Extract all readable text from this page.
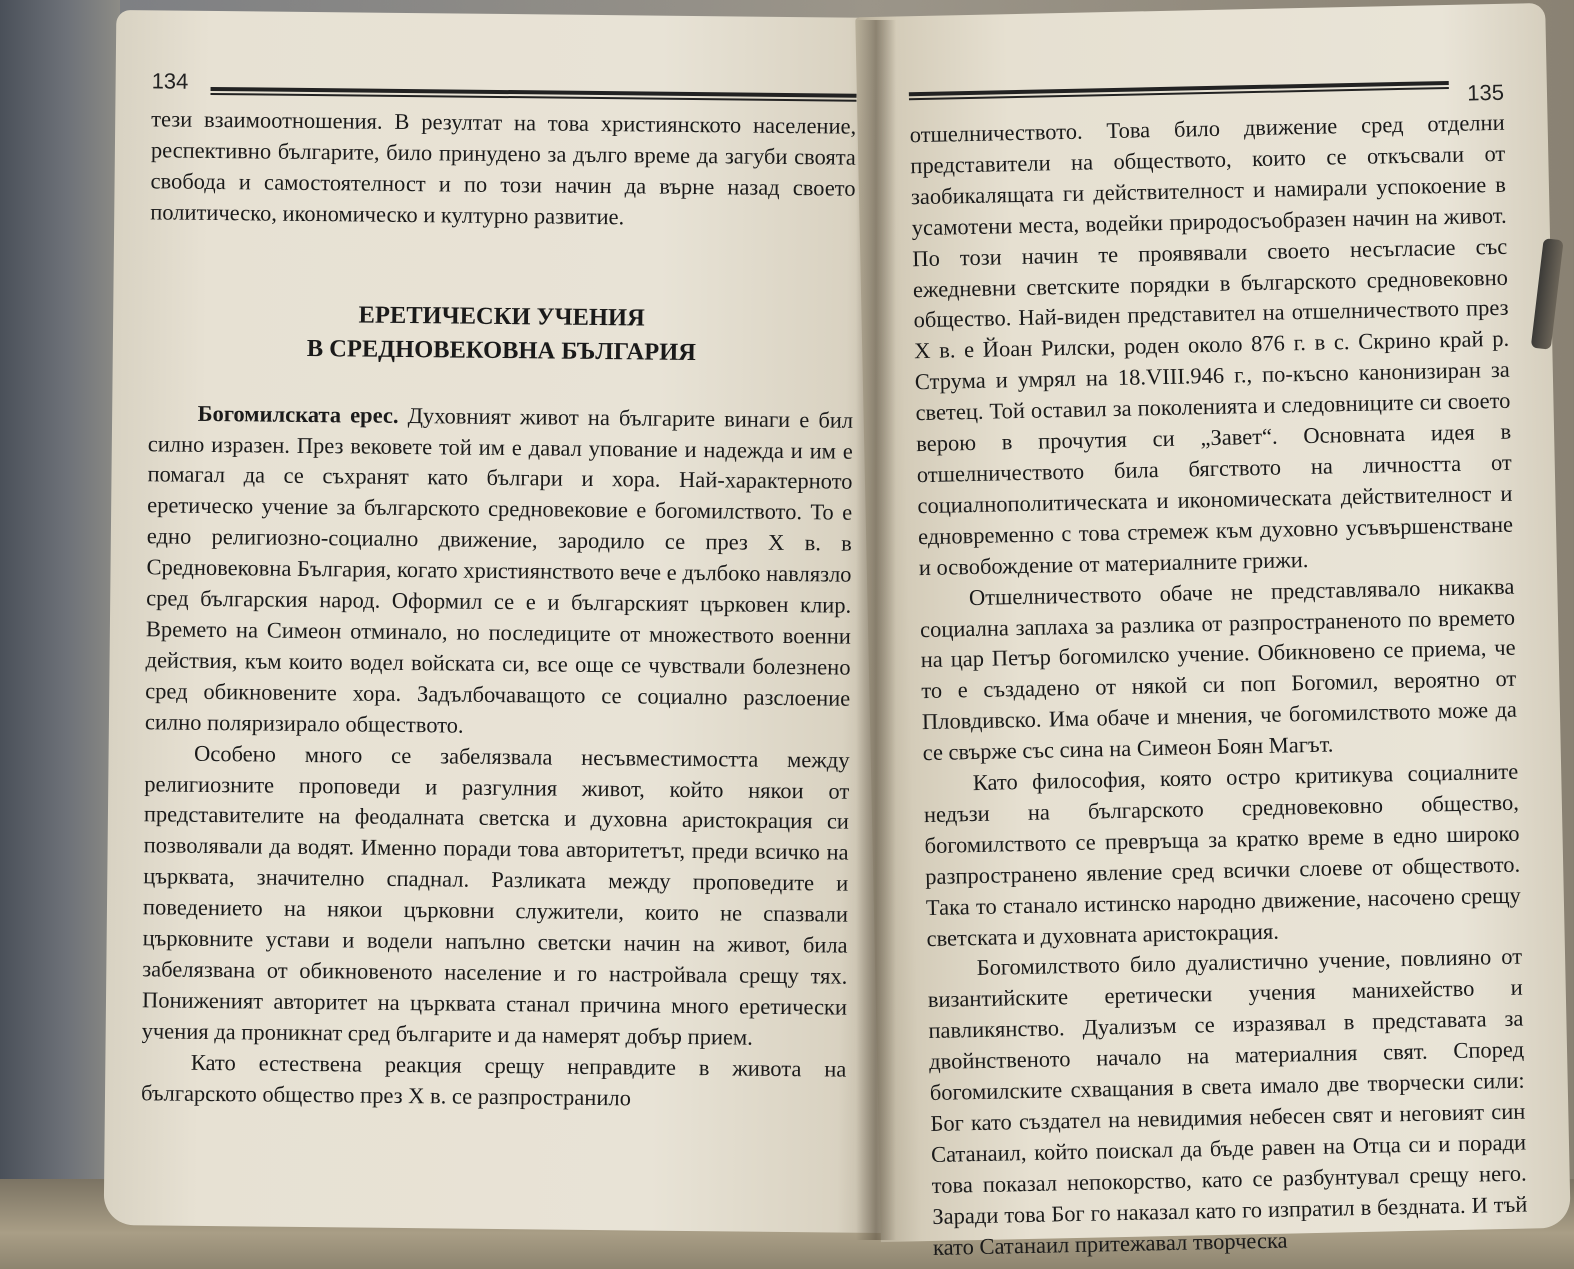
134

тези взаимоотношения. В резултат на това християнското население, респективно българите, било принудено за дълго време да загуби своята свобода и самостоятелност и по този начин да върне назад своето политическо, икономическо и културно развитие.

ЕРЕТИЧЕСКИ УЧЕНИЯ
В СРЕДНОВЕКОВНА БЪЛГАРИЯ

Богомилската ерес. Духовният живот на българите винаги е бил силно изразен. През вековете той им е давал упование и надежда и им е помагал да се съхранят като българи и хора. Най-характерното еретическо учение за българското средновековие е богомилството. То е едно религиозно-социално движение, зародило се през X в. в Средновековна България, когато християнството вече е дълбоко навлязло сред българския народ. Оформил се е и българският църковен клир. Времето на Симеон отминало, но последиците от множеството военни действия, към които водел войската си, все още се чувствали болезнено сред обикновените хора. Задълбочаващото се социално разслоение силно поляризирало обществото.

Особено много се забелязвала несъвместимостта между религиозните проповеди и разгулния живот, който някои от представителите на феодалната светска и духовна аристокрация си позволявали да водят. Именно поради това авторитетът, преди всичко на църквата, значително спаднал. Разликата между проповедите и поведението на някои църковни служители, които не спазвали църковните устави и водели напълно светски начин на живот, била забелязвана от обикновеното население и го настройвала срещу тях. Пониженият авторитет на църквата станал причина много еретически учения да проникнат сред българите и да намерят добър прием.

Като естествена реакция срещу неправдите в живота на българското общество през X в. се разпространило

135

отшелничеството. Това било движение сред отделни представители на обществото, които се откъсвали от заобикалящата ги действителност и намирали успокоение в усамотени места, водейки природосъобразен начин на живот. По този начин те проявявали своето несъгласие със ежедневни светските порядки в българското средновековно общество. Най-виден представител на отшелничеството през X в. е Йоан Рилски, роден около 876 г. в с. Скрино край р. Струма и умрял на 18.VIII.946 г., по-късно канонизиран за светец. Той оставил за поколенията и следовниците си своето верою в прочутия си „Завет“. Основната идея в отшелничеството била бягството на личността от социалнополитическата и икономическата действителност и едновременно с това стремеж към духовно усъвършенстване и освобождение от материалните грижи.

Отшелничеството обаче не представлявало никаква социална заплаха за разлика от разпространеното по времето на цар Петър богомилско учение. Обикновено се приема, че то е създадено от някой си поп Богомил, вероятно от Пловдивско. Има обаче и мнения, че богомилството може да се свърже със сина на Симеон Боян Магът.

Като философия, която остро критикува социалните недъзи на българското средновековно общество, богомилството се превръща за кратко време в едно широко разпространено явление сред всички слоеве от обществото. Така то станало истинско народно движение, насочено срещу светската и духовната аристокрация.

Богомилството било дуалистично учение, повлияно от византийските еретически учения манихейство и павликянство. Дуализъм се изразявал в представата за двойнственото начало на материалния свят. Според богомилските схващания в света имало две творчески сили: Бог като създател на невидимия небесен свят и неговият син Сатанаил, който поискал да бъде равен на Отца си и поради това показал непокорство, като се разбунтувал срещу него. Заради това Бог го наказал като го изпратил в бездната. И тъй като Сатанаил притежавал творческа
